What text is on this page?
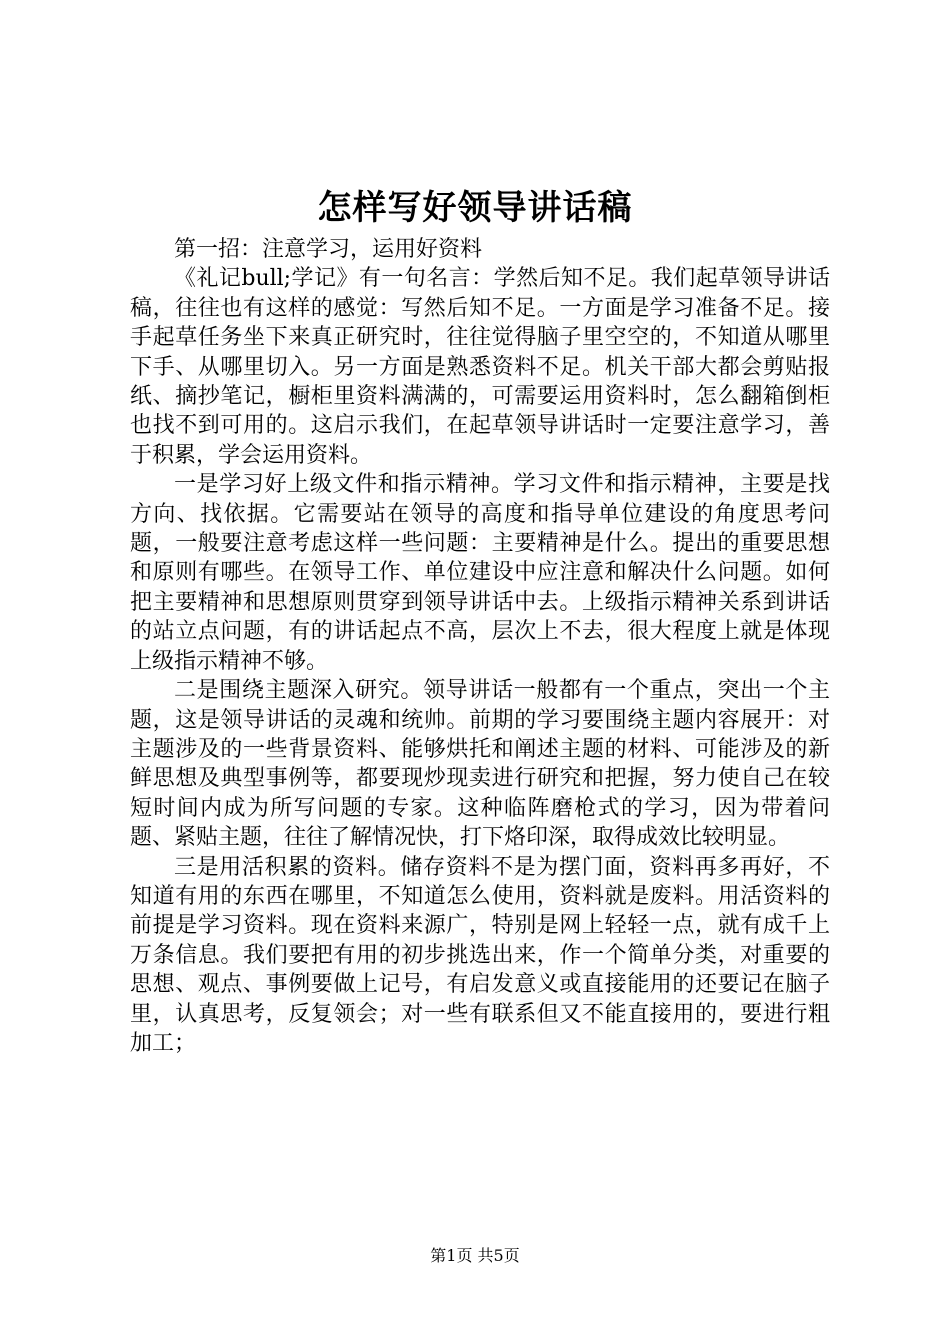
怎样写好领导讲话稿

第一招：注意学习，运用好资料

《礼记bull;学记》有一句名言：学然后知不足。我们起草领导讲话稿，往往也有这样的感觉：写然后知不足。一方面是学习准备不足。接手起草任务坐下来真正研究时，往往觉得脑子里空空的，不知道从哪里下手、从哪里切入。另一方面是熟悉资料不足。机关干部大都会剪贴报纸、摘抄笔记，橱柜里资料满满的，可需要运用资料时，怎么翻箱倒柜也找不到可用的。这启示我们，在起草领导讲话时一定要注意学习，善于积累，学会运用资料。

一是学习好上级文件和指示精神。学习文件和指示精神，主要是找方向、找依据。它需要站在领导的高度和指导单位建设的角度思考问题，一般要注意考虑这样一些问题：主要精神是什么。提出的重要思想和原则有哪些。在领导工作、单位建设中应注意和解决什么问题。如何把主要精神和思想原则贯穿到领导讲话中去。上级指示精神关系到讲话的站立点问题，有的讲话起点不高，层次上不去，很大程度上就是体现上级指示精神不够。

二是围绕主题深入研究。领导讲话一般都有一个重点，突出一个主题，这是领导讲话的灵魂和统帅。前期的学习要围绕主题内容展开：对主题涉及的一些背景资料、能够烘托和阐述主题的材料、可能涉及的新鲜思想及典型事例等，都要现炒现卖进行研究和把握，努力使自己在较短时间内成为所写问题的专家。这种临阵磨枪式的学习，因为带着问题、紧贴主题，往往了解情况快，打下烙印深，取得成效比较明显。

三是用活积累的资料。储存资料不是为摆门面，资料再多再好，不知道有用的东西在哪里，不知道怎么使用，资料就是废料。用活资料的前提是学习资料。现在资料来源广，特别是网上轻轻一点，就有成千上万条信息。我们要把有用的初步挑选出来，作一个简单分类，对重要的思想、观点、事例要做上记号，有启发意义或直接能用的还要记在脑子里，认真思考，反复领会；对一些有联系但又不能直接用的，要进行粗加工；

第1页 共5页
